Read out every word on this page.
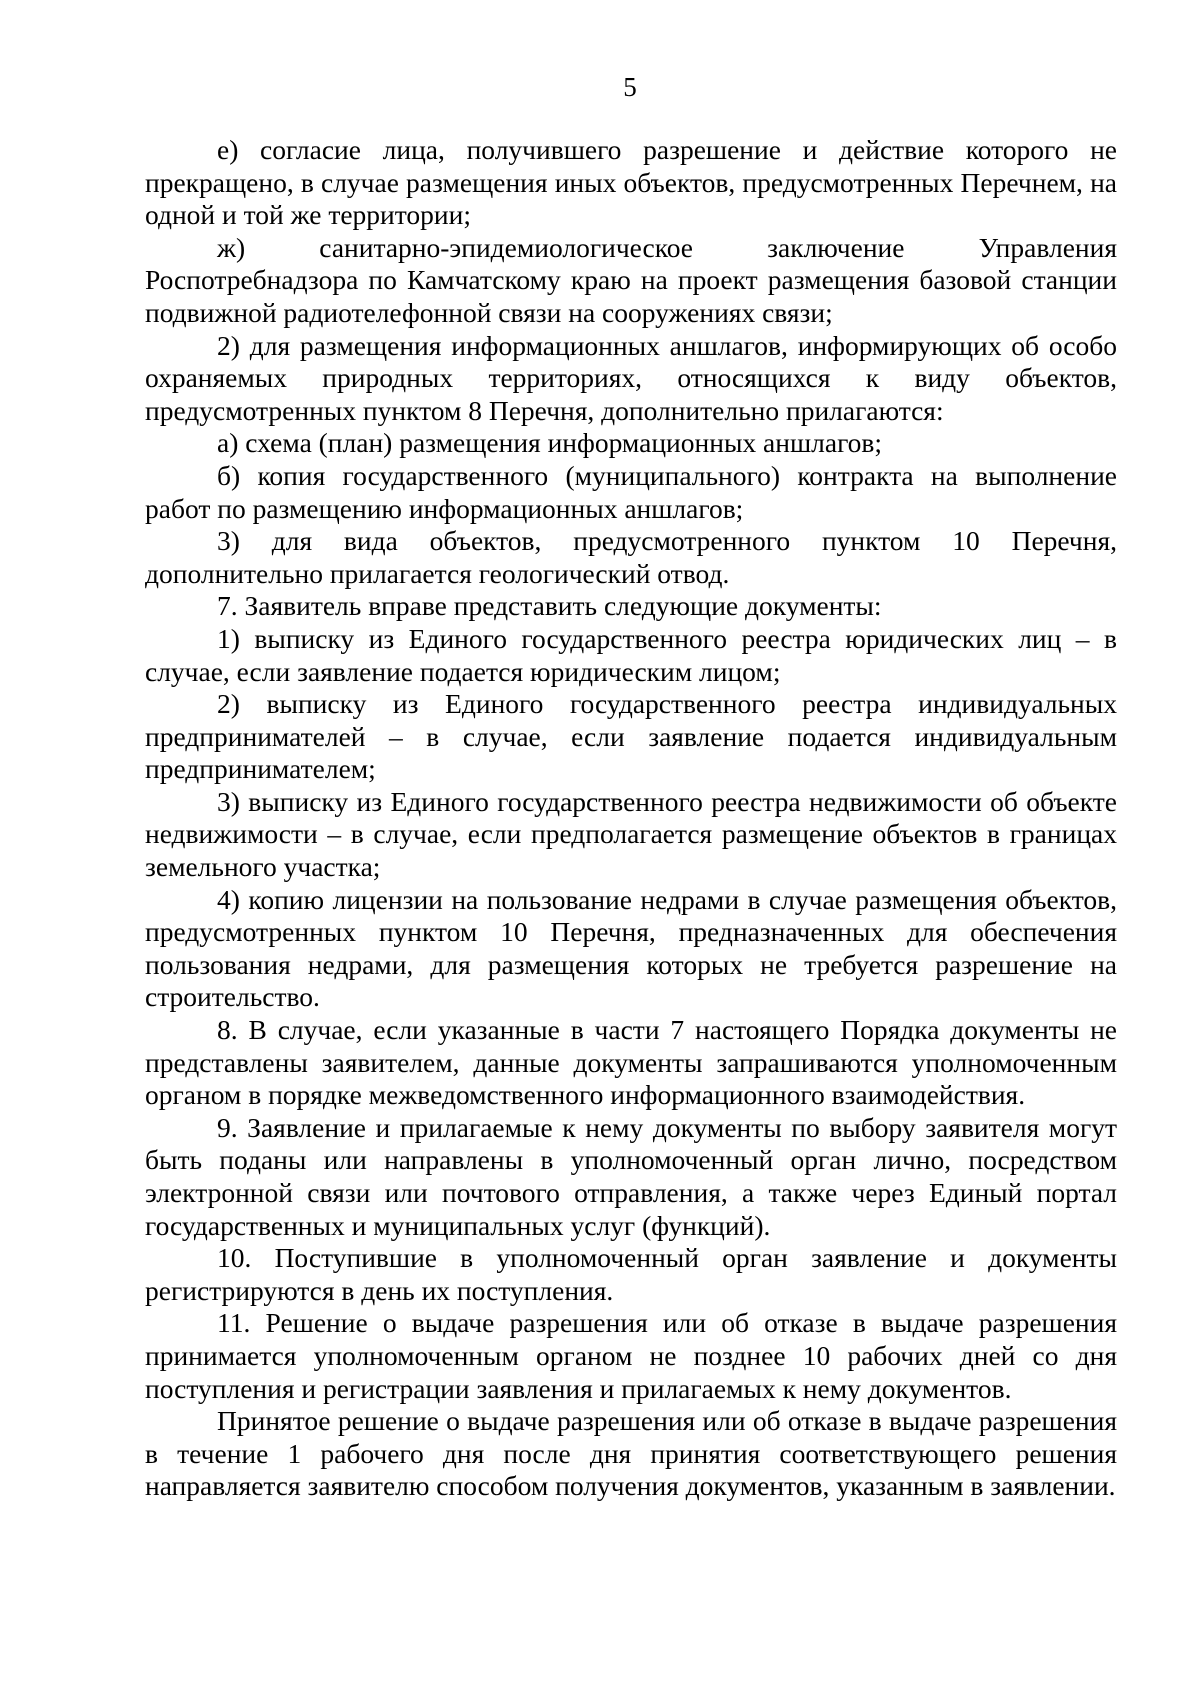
5

е) согласие лица, получившего разрешение и действие которого не прекращено, в случае размещения иных объектов, предусмотренных Перечнем, на одной и той же территории;

ж) санитарно-эпидемиологическое заключение Управления Роспотребнадзора по Камчатскому краю на проект размещения базовой станции подвижной радиотелефонной связи на сооружениях связи;

2) для размещения информационных аншлагов, информирующих об особо охраняемых природных территориях, относящихся к виду объектов, предусмотренных пунктом 8 Перечня, дополнительно прилагаются:

а) схема (план) размещения информационных аншлагов;

б) копия государственного (муниципального) контракта на выполнение работ по размещению информационных аншлагов;

3) для вида объектов, предусмотренного пунктом 10 Перечня, дополнительно прилагается геологический отвод.

7. Заявитель вправе представить следующие документы:

1) выписку из Единого государственного реестра юридических лиц – в случае, если заявление подается юридическим лицом;

2) выписку из Единого государственного реестра индивидуальных предпринимателей – в случае, если заявление подается индивидуальным предпринимателем;

3) выписку из Единого государственного реестра недвижимости об объекте недвижимости – в случае, если предполагается размещение объектов в границах земельного участка;

4) копию лицензии на пользование недрами в случае размещения объектов, предусмотренных пунктом 10 Перечня, предназначенных для обеспечения пользования недрами, для размещения которых не требуется разрешение на строительство.

8. В случае, если указанные в части 7 настоящего Порядка документы не представлены заявителем, данные документы запрашиваются уполномоченным органом в порядке межведомственного информационного взаимодействия.

9. Заявление и прилагаемые к нему документы по выбору заявителя могут быть поданы или направлены в уполномоченный орган лично, посредством электронной связи или почтового отправления, а также через Единый портал государственных и муниципальных услуг (функций).

10. Поступившие в уполномоченный орган заявление и документы регистрируются в день их поступления.

11. Решение о выдаче разрешения или об отказе в выдаче разрешения принимается уполномоченным органом не позднее 10 рабочих дней со дня поступления и регистрации заявления и прилагаемых к нему документов.

Принятое решение о выдаче разрешения или об отказе в выдаче разрешения в течение 1 рабочего дня после дня принятия соответствующего решения направляется заявителю способом получения документов, указанным в заявлении.
